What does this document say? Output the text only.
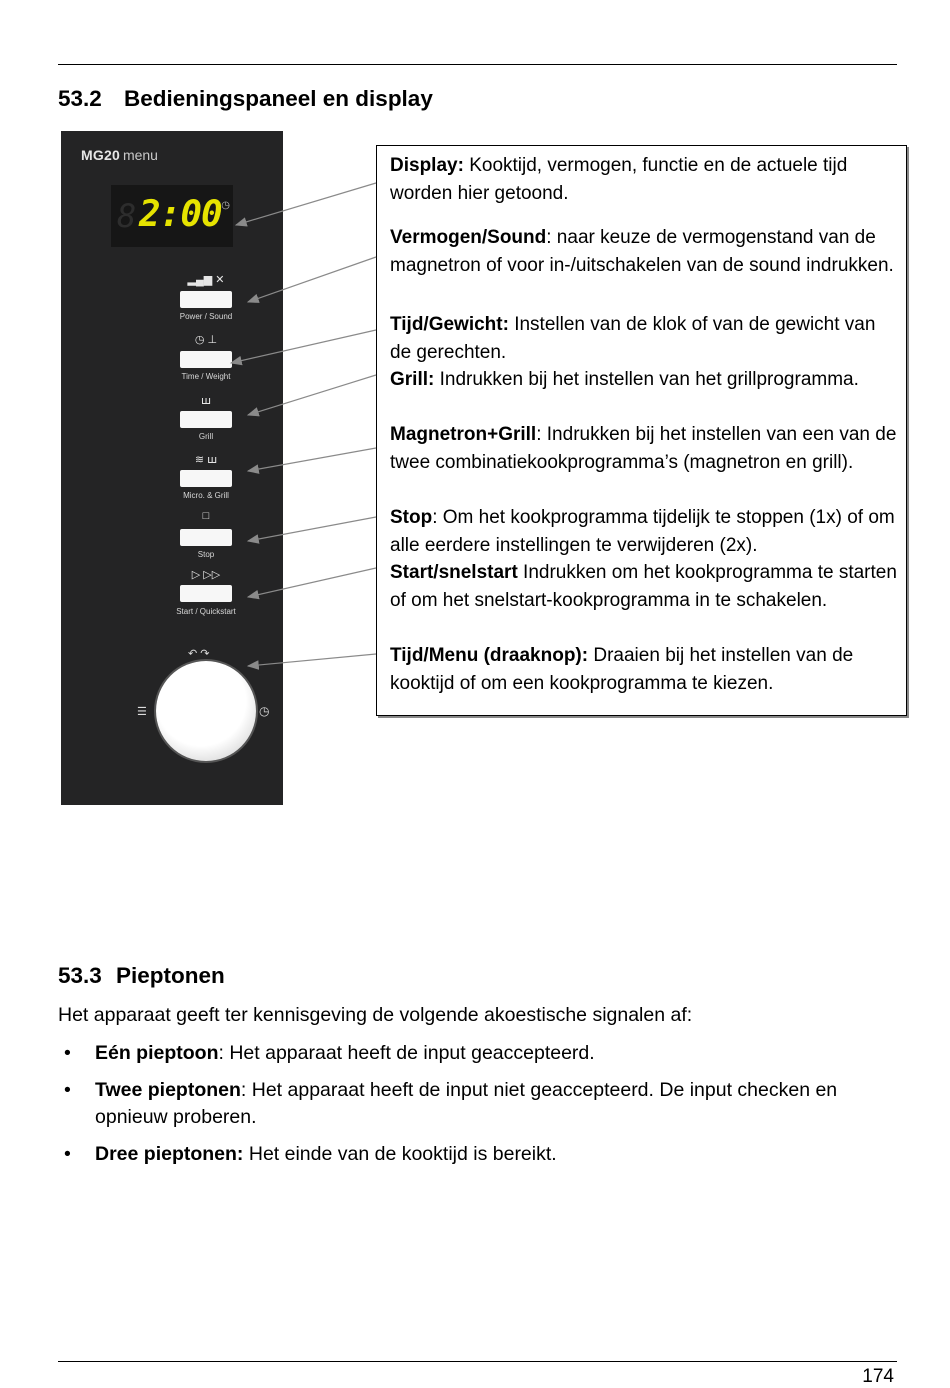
53.2 Bedieningspaneel en display
MG20 menu
8 2:00 ◷
▂▄▆ ✕
Power / Sound
◷ ⊥
Time / Weight
ꟺ
Grill
≋ ꟺ
Micro. & Grill
□
Stop
▷ ▷▷
Start / Quickstart
↶ ↷
☰	◷

Display: Kooktijd, vermogen, functie en de actuele tijd worden hier getoond.

Vermogen/Sound: naar keuze de vermogenstand van de magnetron of voor in-/uitschakelen van de sound indrukken.

Tijd/Gewicht: Instellen van de klok of van de gewicht van de gerechten.

Grill: Indrukken bij het instellen van het grillprogramma.

Magnetron+Grill: Indrukken bij het instellen van een van de twee combinatiekookprogramma’s (magnetron en grill).

Stop: Om het kookprogramma tijdelijk te stoppen (1x) of om alle eerdere instellingen te verwijderen (2x).

Start/snelstart Indrukken om het kookprogramma te starten of om het snelstart-kookprogramma in te schakelen.

Tijd/Menu (draaknop): Draaien bij het instellen van de kooktijd of om een kookprogramma te kiezen.

53.3 Pieptonen

Het apparaat geeft ter kennisgeving de volgende akoestische signalen af:

• Eén pieptoon: Het apparaat heeft de input geaccepteerd.
• Twee pieptonen: Het apparaat heeft de input niet geaccepteerd. De input checken en opnieuw proberen.
• Dree pieptonen: Het einde van de kooktijd is bereikt.
174
